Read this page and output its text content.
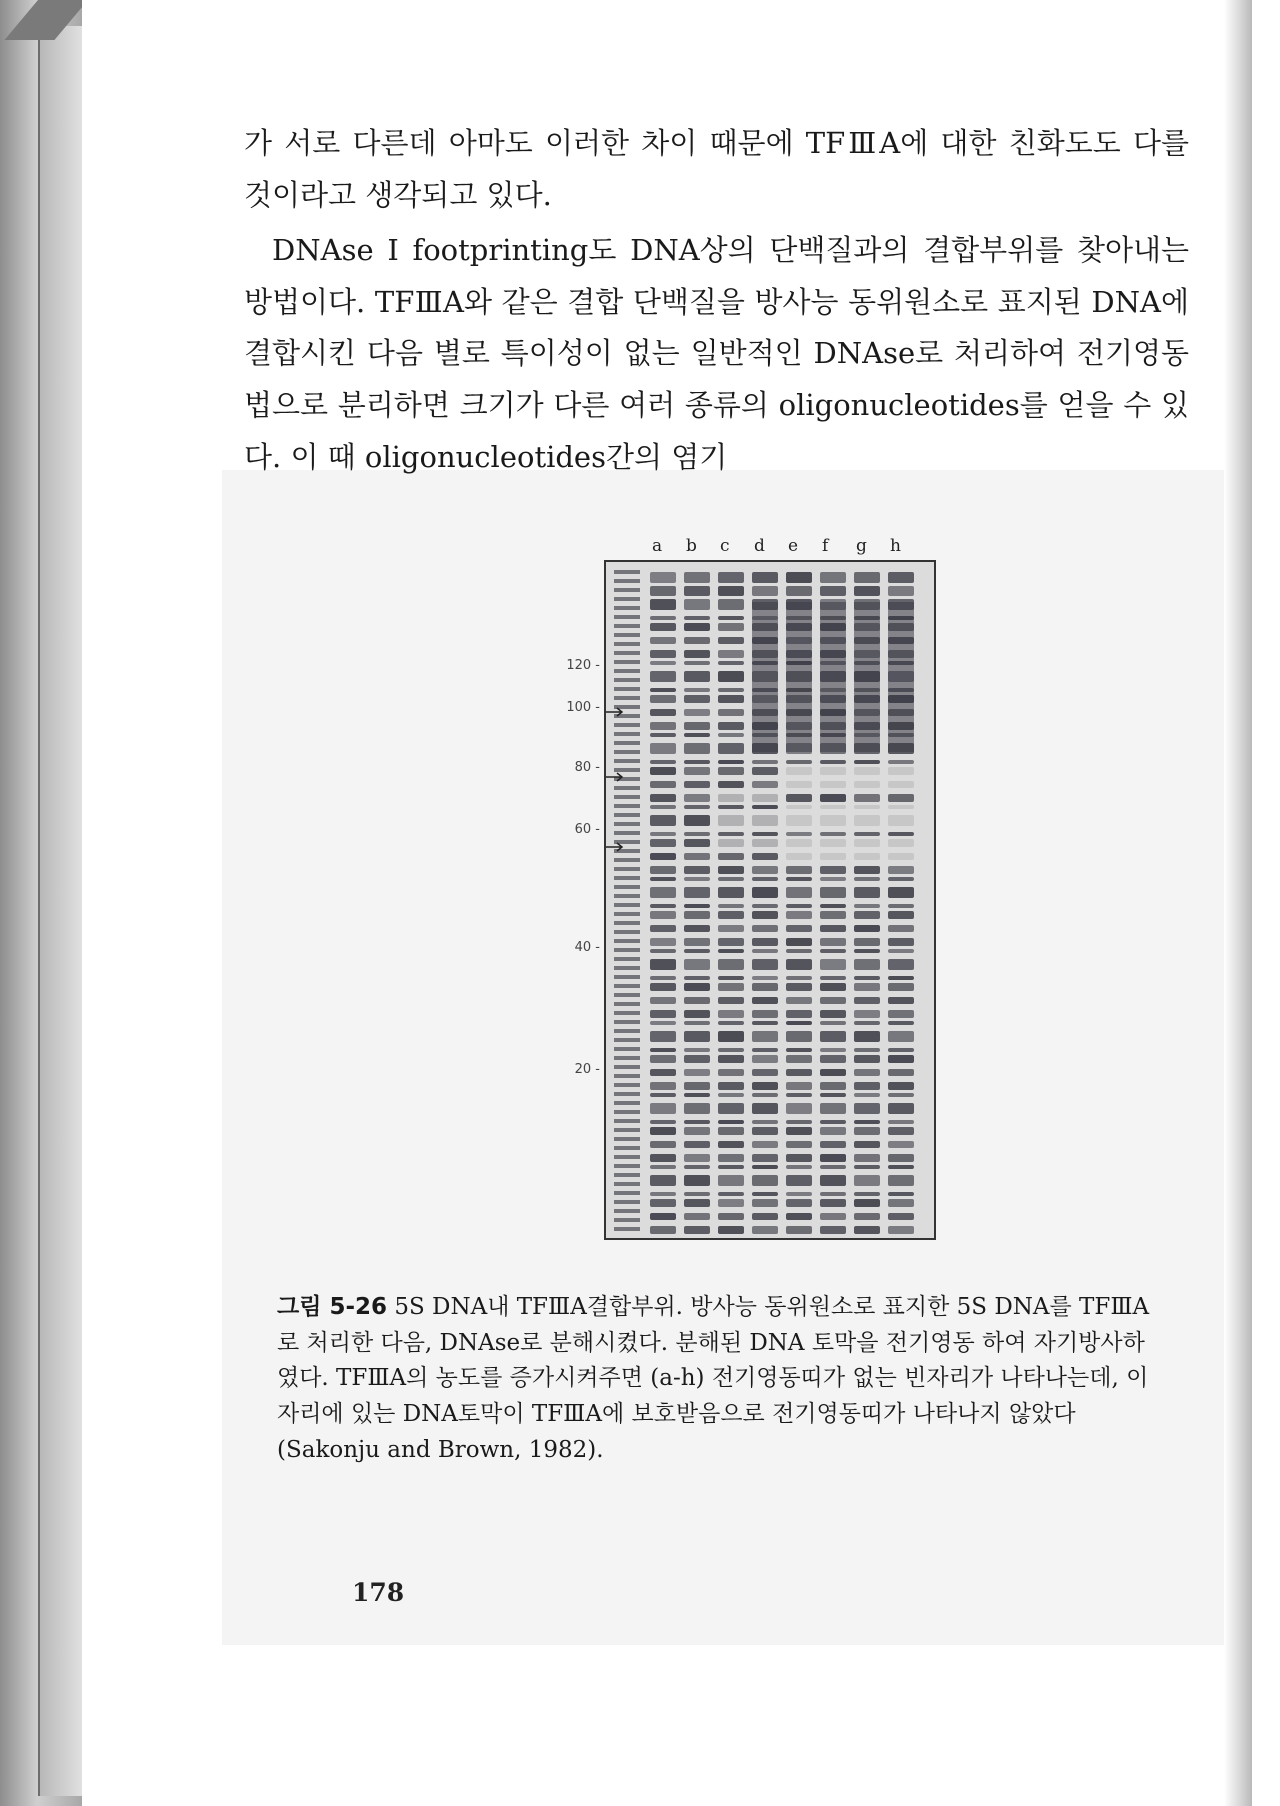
가 서로 다른데 아마도 이러한 차이 때문에 TFⅢA에 대한 친화도도 다를 것이라고 생각되고 있다.

DNAse I footprinting도 DNA상의 단백질과의 결합부위를 찾아내는 방법이다. TFⅢA와 같은 결합 단백질을 방사능 동위원소로 표지된 DNA에 결합시킨 다음 별로 특이성이 없는 일반적인 DNAse로 처리하여 전기영동법으로 분리하면 크기가 다른 여러 종류의 oligonucleotides를 얻을 수 있다. 이 때 oligonucleotides간의 염기

a b c d e f g h
120 -
100 -
80 -
60 -
40 -
20 -
그림 5-26 5S DNA내 TFⅢA결합부위. 방사능 동위원소로 표지한 5S DNA를 TFⅢA로 처리한 다음, DNAse로 분해시켰다. 분해된 DNA 토막을 전기영동 하여 자기방사하였다. TFⅢA의 농도를 증가시켜주면 (a-h) 전기영동띠가 없는 빈자리가 나타나는데, 이 자리에 있는 DNA토막이 TFⅢA에 보호받음으로 전기영동띠가 나타나지 않았다 (Sakonju and Brown, 1982).
178
